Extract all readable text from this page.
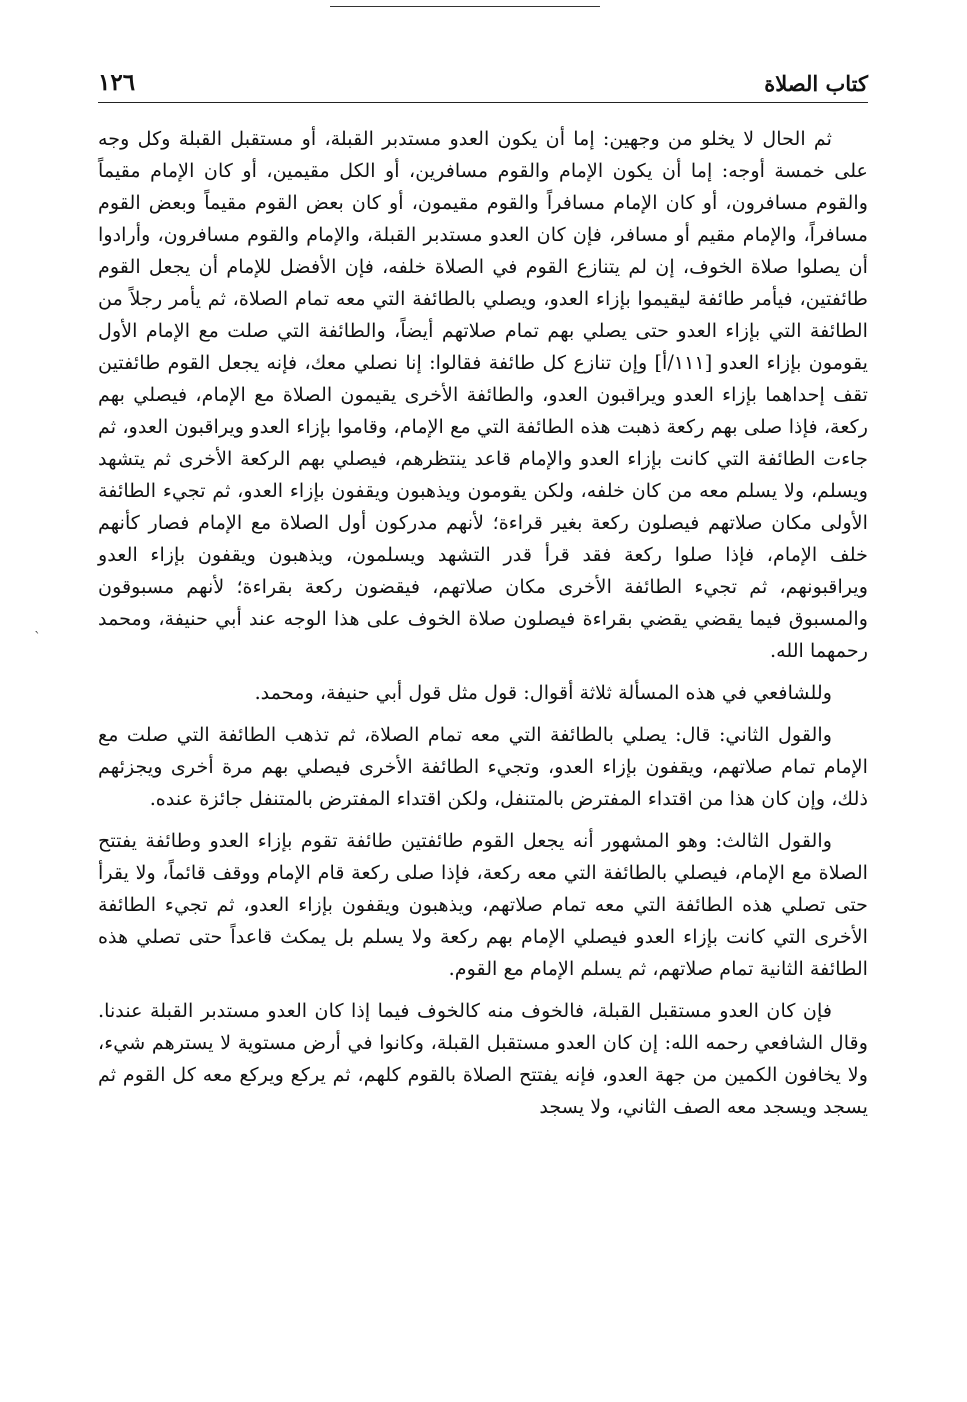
كتاب الصلاة
١٢٦

ثم الحال لا يخلو من وجهين: إما أن يكون العدو مستدبر القبلة، أو مستقبل القبلة وكل وجه على خمسة أوجه: إما أن يكون الإمام والقوم مسافرين، أو الكل مقيمين، أو كان الإمام مقيماً والقوم مسافرون، أو كان الإمام مسافراً والقوم مقيمون، أو كان بعض القوم مقيماً وبعض القوم مسافراً، والإمام مقيم أو مسافر، فإن كان العدو مستدبر القبلة، والإمام والقوم مسافرون، وأرادوا أن يصلوا صلاة الخوف، إن لم يتنازع القوم في الصلاة خلفه، فإن الأفضل للإمام أن يجعل القوم طائفتين، فيأمر طائفة ليقيموا بإزاء العدو، ويصلي بالطائفة التي معه تمام الصلاة، ثم يأمر رجلاً من الطائفة التي بإزاء العدو حتى يصلي بهم تمام صلاتهم أيضاً، والطائفة التي صلت مع الإمام الأول يقومون بإزاء العدو [١١١/أ] وإن تنازع كل طائفة فقالوا: إنا نصلي معك، فإنه يجعل القوم طائفتين تقف إحداهما بإزاء العدو ويراقبون العدو، والطائفة الأخرى يقيمون الصلاة مع الإمام، فيصلي بهم ركعة، فإذا صلى بهم ركعة ذهبت هذه الطائفة التي مع الإمام، وقاموا بإزاء العدو ويراقبون العدو، ثم جاءت الطائفة التي كانت بإزاء العدو والإمام قاعد ينتظرهم، فيصلي بهم الركعة الأخرى ثم يتشهد ويسلم، ولا يسلم معه من كان خلفه، ولكن يقومون ويذهبون ويقفون بإزاء العدو، ثم تجيء الطائفة الأولى مكان صلاتهم فيصلون ركعة بغير قراءة؛ لأنهم مدركون أول الصلاة مع الإمام فصار كأنهم خلف الإمام، فإذا صلوا ركعة فقد قرأ قدر التشهد ويسلمون، ويذهبون ويقفون بإزاء العدو ويراقبونهم، ثم تجيء الطائفة الأخرى مكان صلاتهم، فيقضون ركعة بقراءة؛ لأنهم مسبوقون والمسبوق فيما يقضي يقضي بقراءة فيصلون صلاة الخوف على هذا الوجه عند أبي حنيفة، ومحمد رحمهما الله.

وللشافعي في هذه المسألة ثلاثة أقوال: قول مثل قول أبي حنيفة، ومحمد.

والقول الثاني: قال: يصلي بالطائفة التي معه تمام الصلاة، ثم تذهب الطائفة التي صلت مع الإمام تمام صلاتهم، ويقفون بإزاء العدو، وتجيء الطائفة الأخرى فيصلي بهم مرة أخرى ويجزئهم ذلك، وإن كان هذا من اقتداء المفترض بالمتنفل، ولكن اقتداء المفترض بالمتنفل جائزة عنده.

والقول الثالث: وهو المشهور أنه يجعل القوم طائفتين طائفة تقوم بإزاء العدو وطائفة يفتتح الصلاة مع الإمام، فيصلي بالطائفة التي معه ركعة، فإذا صلى ركعة قام الإمام ووقف قائماً، ولا يقرأ حتى تصلي هذه الطائفة التي معه تمام صلاتهم، ويذهبون ويقفون بإزاء العدو، ثم تجيء الطائفة الأخرى التي كانت بإزاء العدو فيصلي الإمام بهم ركعة ولا يسلم بل يمكث قاعداً حتى تصلي هذه الطائفة الثانية تمام صلاتهم، ثم يسلم الإمام مع القوم.

فإن كان العدو مستقبل القبلة، فالخوف منه كالخوف فيما إذا كان العدو مستدبر القبلة عندنا. وقال الشافعي رحمه الله: إن كان العدو مستقبل القبلة، وكانوا في أرض مستوية لا يسترهم شيء، ولا يخافون الكمين من جهة العدو، فإنه يفتتح الصلاة بالقوم كلهم، ثم يركع ويركع معه كل القوم ثم يسجد ويسجد معه الصف الثاني، ولا يسجد

`
